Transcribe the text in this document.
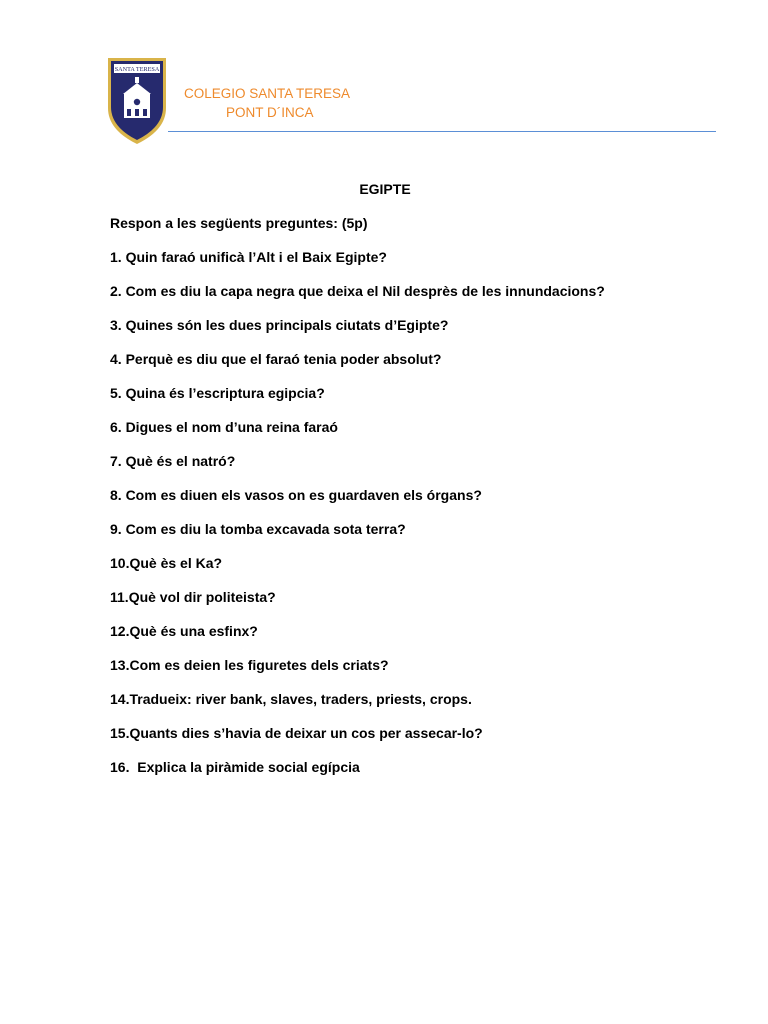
SANTA TERESA
COLEGIO SANTA TERESA
PONT D´INCA
EGIPTE
Respon a les següents preguntes: (5p)
1. Quin faraó unificà l’Alt i el Baix Egipte?
2. Com es diu la capa negra que deixa el Nil desprès de les innundacions?
3. Quines són les dues principals ciutats d’Egipte?
4. Perquè es diu que el faraó tenia poder absolut?
5. Quina és l’escriptura egipcia?
6. Digues el nom d’una reina faraó
7. Què és el natró?
8. Com es diuen els vasos on es guardaven els órgans?
9. Com es diu la tomba excavada sota terra?
10.Què ès el Ka?
11.Què vol dir politeista?
12.Què és una esfinx?
13.Com es deien les figuretes dels criats?
14.Tradueix: river bank, slaves, traders, priests, crops.
15.Quants dies s’havia de deixar un cos per assecar-lo?
16.  Explica la piràmide social egípcia
